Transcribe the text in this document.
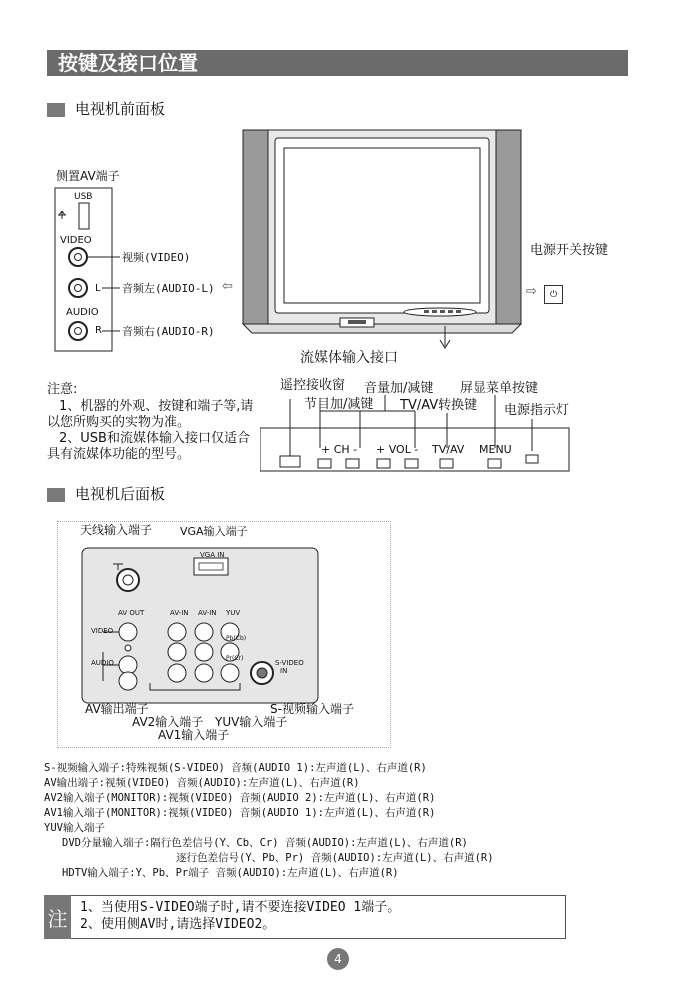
按键及接口位置
电视机前面板
侧置AV端子
USB
VIDEO
L
AUDIO
R
视频(VIDEO)
音频左(AUDIO-L)
音频右(AUDIO-R)
⇦
流媒体输入接口
电源开关按键
⇨	⏻
注意:
1、机器的外观、按键和端子等,请以您所购买的实物为准。
2、USB和流媒体输入接口仅适合具有流媒体功能的型号。
遥控接收窗
节目加/减键
音量加/减键
TV/AV转换键
屏显菜单按键
电源指示灯
+ CH - + VOL - TV/AV MENU
电视机后面板
天线输入端子	VGA输入端子
AV输出端子
AV2输入端子
AV1输入端子
YUV输入端子
S-视频输入端子
VGA IN
AV OUT	AV-IN AV-IN YUV
VIDEO
AUDIO
Pb(Cb)
Pr(Cr)
S-VIDEO
IN
S-视频输入端子:特殊视频(S-VIDEO) 音频(AUDIO 1):左声道(L)、右声道(R)
AV输出端子:视频(VIDEO) 音频(AUDIO):左声道(L)、右声道(R)
AV2输入端子(MONITOR):视频(VIDEO) 音频(AUDIO 2):左声道(L)、右声道(R)
AV1输入端子(MONITOR):视频(VIDEO) 音频(AUDIO 1):左声道(L)、右声道(R)
YUV输入端子
DVD分量输入端子:隔行色差信号(Y、Cb、Cr) 音频(AUDIO):左声道(L)、右声道(R)
逐行色差信号(Y、Pb、Pr) 音频(AUDIO):左声道(L)、右声道(R)
HDTV输入端子:Y、Pb、Pr端子 音频(AUDIO):左声道(L)、右声道(R)
注 1、当使用S-VIDEO端子时,请不要连接VIDEO 1端子。
2、使用侧AV时,请选择VIDEO2。
4
